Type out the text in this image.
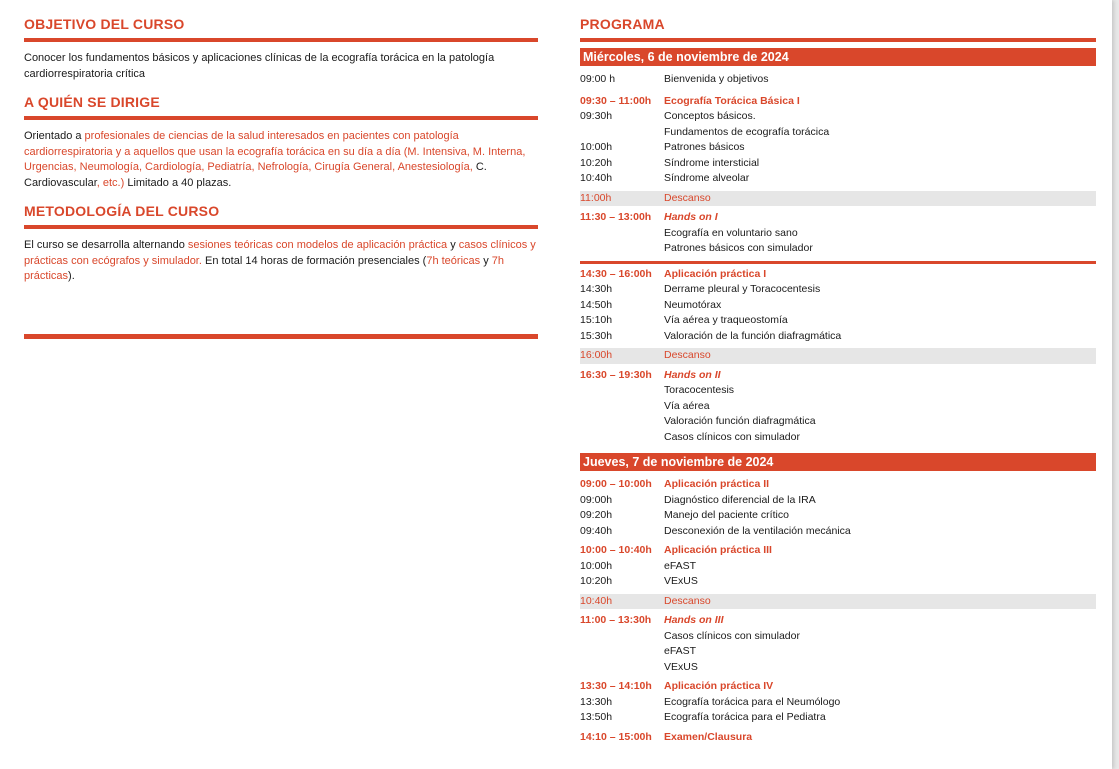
OBJETIVO DEL CURSO

Conocer los fundamentos básicos y aplicaciones clínicas de la ecografía torácica en la patología cardiorrespiratoria crítica

A QUIÉN SE DIRIGE

Orientado a profesionales de ciencias de la salud interesados en pacientes con patología cardiorrespiratoria y a aquellos que usan la ecografía torácica en su día a día (M. Intensiva, M. Interna, Urgencias, Neumología, Cardiología, Pediatría, Nefrología, Cirugía General, Anestesiología, C. Cardiovascular, etc.) Limitado a 40 plazas.

METODOLOGÍA DEL CURSO

El curso se desarrolla alternando sesiones teóricas con modelos de aplicación práctica y casos clínicos y prácticas con ecógrafos y simulador. En total 14 horas de formación presenciales (7h teóricas y 7h prácticas).

PROGRAMA
Miércoles, 6 de noviembre de 2024
09:00 h	Bienvenida y objetivos
09:30 – 11:00h	Ecografía Torácica Básica I
09:30h	Conceptos básicos.
Fundamentos de ecografía torácica
10:00h	Patrones básicos
10:20h	Síndrome intersticial
10:40h	Síndrome alveolar
11:00h	Descanso
11:30 – 13:00h	Hands on I
Ecografía en voluntario sano
Patrones básicos con simulador
14:30 – 16:00h	Aplicación práctica I
14:30h	Derrame pleural y Toracocentesis
14:50h	Neumotórax
15:10h	Vía aérea y traqueostomía
15:30h	Valoración de la función diafragmática
16:00h	Descanso
16:30 – 19:30h	Hands on II
Toracocentesis
Vía aérea
Valoración función diafragmática
Casos clínicos con simulador
Jueves, 7 de noviembre de 2024
09:00 – 10:00h	Aplicación práctica II
09:00h	Diagnóstico diferencial de la IRA
09:20h	Manejo del paciente crítico
09:40h	Desconexión de la ventilación mecánica
10:00 – 10:40h	Aplicación práctica III
10:00h	eFAST
10:20h	VExUS
10:40h	Descanso
11:00 – 13:30h	Hands on III
Casos clínicos con simulador
eFAST
VExUS
13:30 – 14:10h	Aplicación práctica IV
13:30h	Ecografía torácica para el Neumólogo
13:50h	Ecografía torácica para el Pediatra
14:10 – 15:00h	Examen/Clausura
